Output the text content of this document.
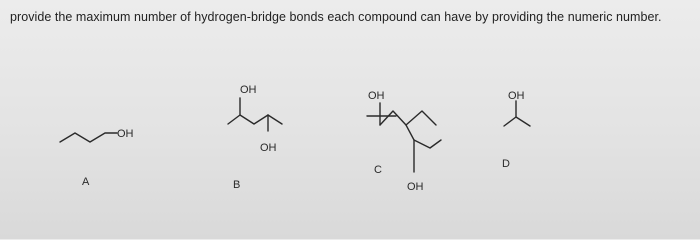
provide the maximum number of hydrogen-bridge bonds each compound can have by providing the numeric number.
OH
A
OH
OH
B
OH
OH
C
OH
D
